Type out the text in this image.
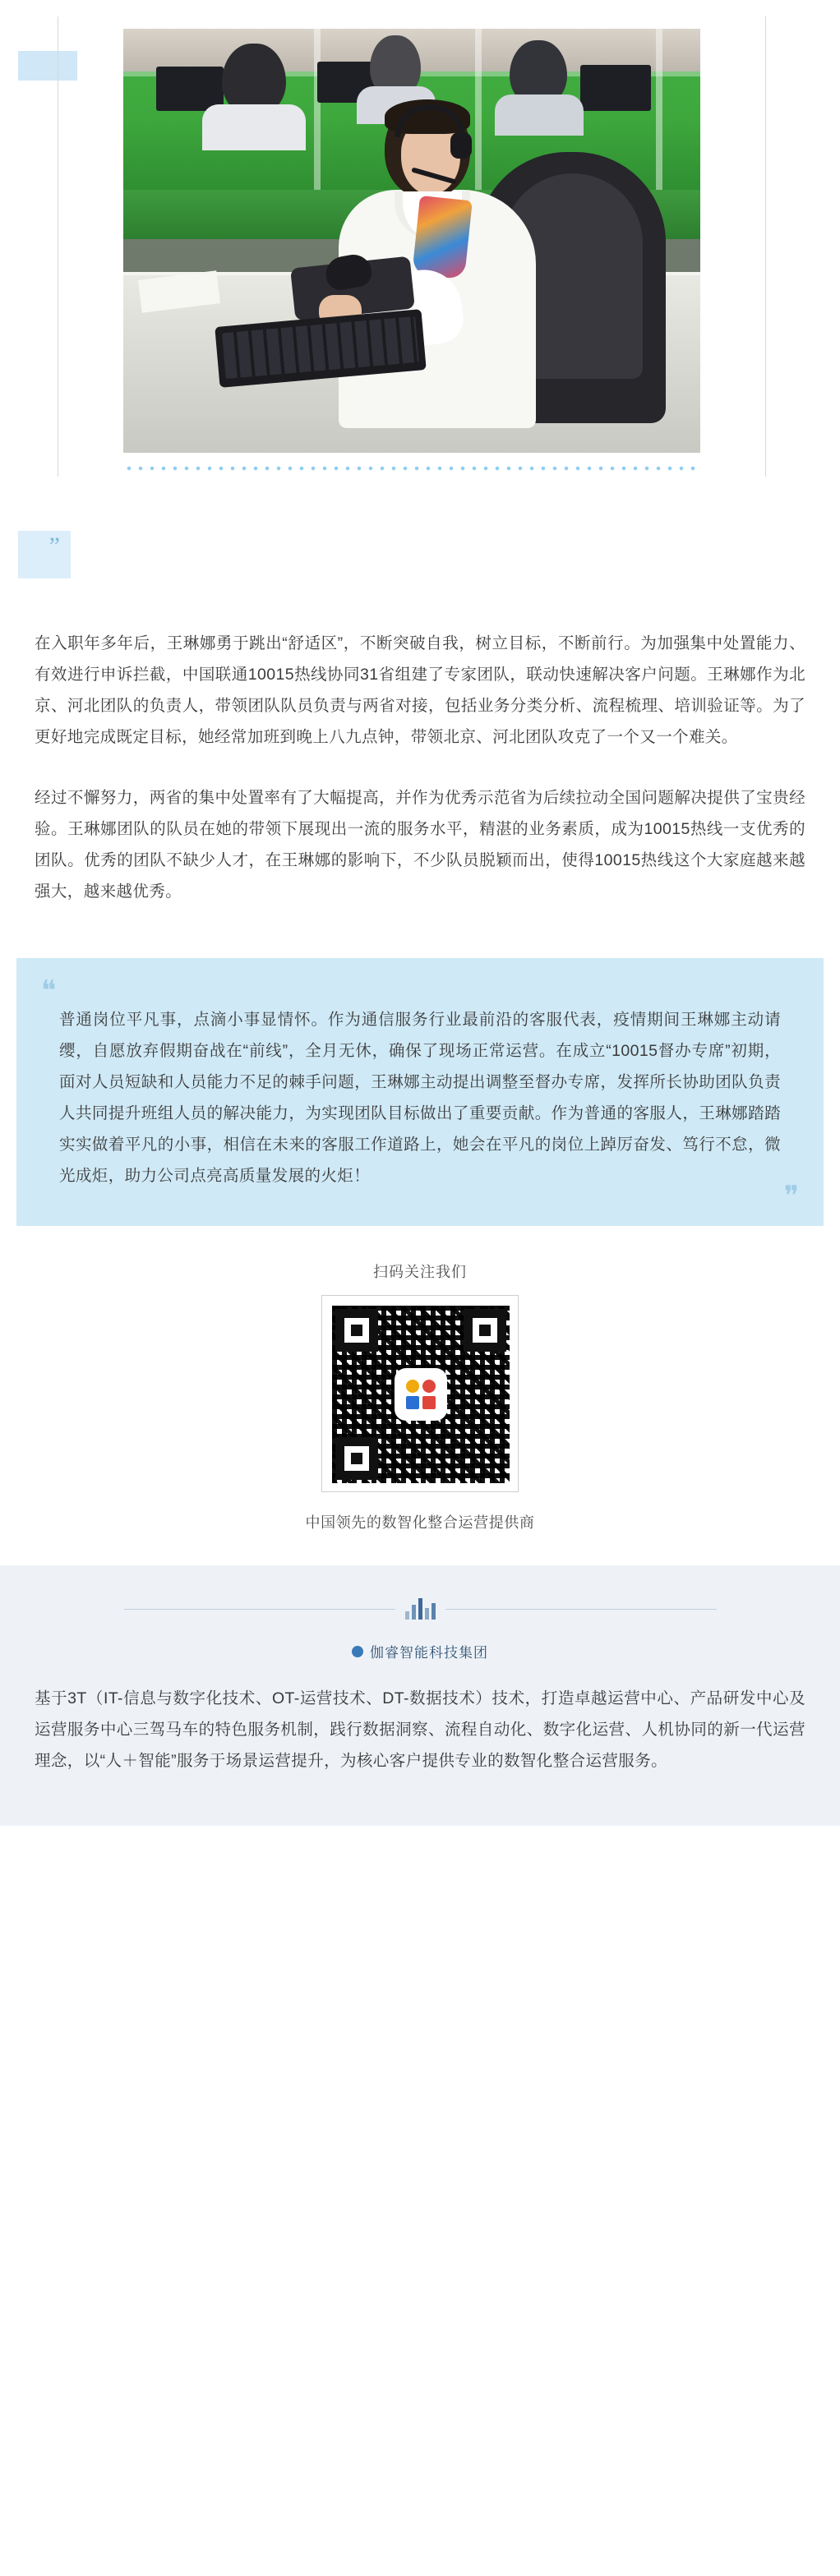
”

在入职年多年后，王琳娜勇于跳出“舒适区”，不断突破自我，树立目标，不断前行。为加强集中处置能力、有效进行申诉拦截，中国联通10015热线协同31省组建了专家团队，联动快速解决客户问题。王琳娜作为北京、河北团队的负责人，带领团队队员负责与两省对接，包括业务分类分析、流程梳理、培训验证等。为了更好地完成既定目标，她经常加班到晚上八九点钟，带领北京、河北团队攻克了一个又一个难关。

经过不懈努力，两省的集中处置率有了大幅提高，并作为优秀示范省为后续拉动全国问题解决提供了宝贵经验。王琳娜团队的队员在她的带领下展现出一流的服务水平，精湛的业务素质，成为10015热线一支优秀的团队。优秀的团队不缺少人才，在王琳娜的影响下，不少队员脱颖而出，使得10015热线这个大家庭越来越强大，越来越优秀。

❝

普通岗位平凡事，点滴小事显情怀。作为通信服务行业最前沿的客服代表，疫情期间王琳娜主动请缨，自愿放弃假期奋战在“前线”，全月无休，确保了现场正常运营。在成立“10015督办专席”初期，面对人员短缺和人员能力不足的棘手问题，王琳娜主动提出调整至督办专席，发挥所长协助团队负责人共同提升班组人员的解决能力，为实现团队目标做出了重要贡献。作为普通的客服人，王琳娜踏踏实实做着平凡的小事，相信在未来的客服工作道路上，她会在平凡的岗位上踔厉奋发、笃行不怠，微光成炬，助力公司点亮高质量发展的火炬！

❞
扫码关注我们
中国领先的数智化整合运营提供商
伽睿智能科技集团

基于3T（IT-信息与数字化技术、OT-运营技术、DT-数据技术）技术，打造卓越运营中心、产品研发中心及运营服务中心三驾马车的特色服务机制，践行数据洞察、流程自动化、数字化运营、人机协同的新一代运营理念，以“人＋智能”服务于场景运营提升，为核心客户提供专业的数智化整合运营服务。
